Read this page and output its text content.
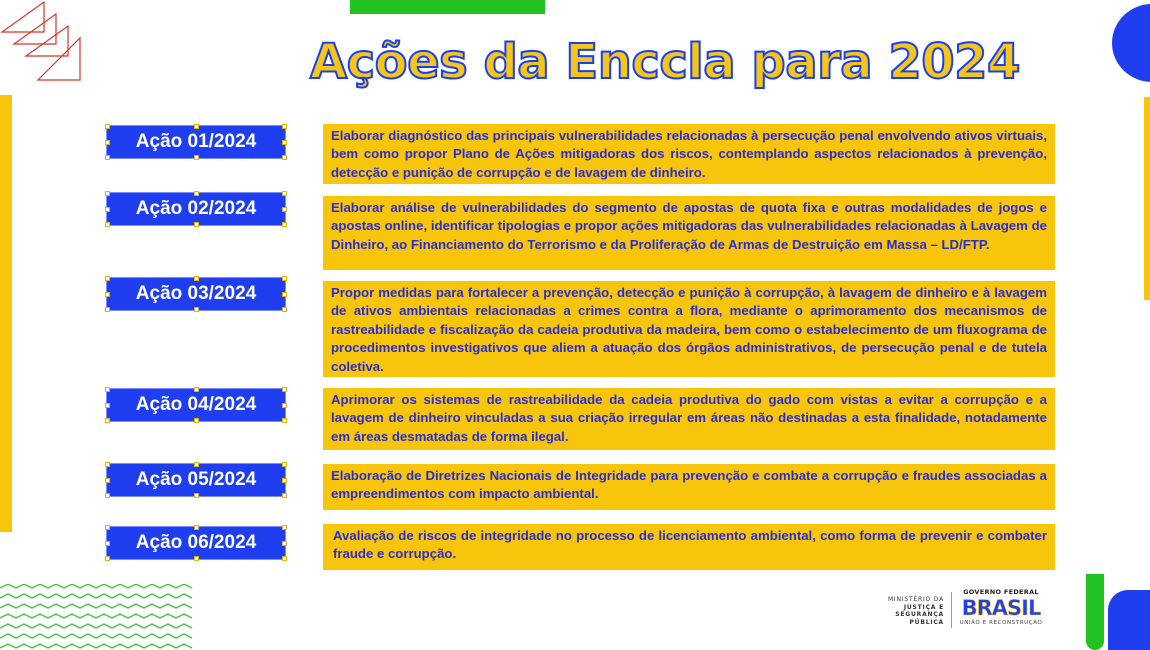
Ações da Enccla para 2024
Ação 01/2024
Ação 02/2024
Ação 03/2024
Ação 04/2024
Ação 05/2024
Ação 06/2024
Elaborar diagnóstico das principais vulnerabilidades relacionadas à persecução penal envolvendo ativos virtuais, bem como propor Plano de Ações mitigadoras dos riscos, contemplando aspectos relacionados à prevenção, detecção e punição de corrupção e de lavagem de dinheiro.
Elaborar análise de vulnerabilidades do segmento de apostas de quota fixa e outras modalidades de jogos e apostas online, identificar tipologias e propor ações mitigadoras das vulnerabilidades relacionadas à Lavagem de Dinheiro, ao Financiamento do Terrorismo e da Proliferação de Armas de Destruição em Massa – LD/FTP.
Propor medidas para fortalecer a prevenção, detecção e punição à corrupção, à lavagem de dinheiro e à lavagem de ativos ambientais relacionadas a crimes contra a flora, mediante o aprimoramento dos mecanismos de rastreabilidade e fiscalização da cadeia produtiva da madeira, bem como o estabelecimento de um fluxograma de procedimentos investigativos que aliem a atuação dos órgãos administrativos, de persecução penal e de tutela coletiva.
Aprimorar os sistemas de rastreabilidade da cadeia produtiva do gado com vistas a evitar a corrupção e a lavagem de dinheiro vinculadas a sua criação irregular em áreas não destinadas a esta finalidade, notadamente em áreas desmatadas de forma ilegal.
Elaboração de Diretrizes Nacionais de Integridade para prevenção e combate a corrupção e fraudes associadas a empreendimentos com impacto ambiental.
Avaliação de riscos de integridade no processo de licenciamento ambiental, como forma de prevenir e combater fraude e corrupção.
MINISTÉRIO DA
JUSTIÇA E
SEGURANÇA PÚBLICA
GOVERNO FEDERAL
BRASIL
UNIÃO E RECONSTRUÇÃO
